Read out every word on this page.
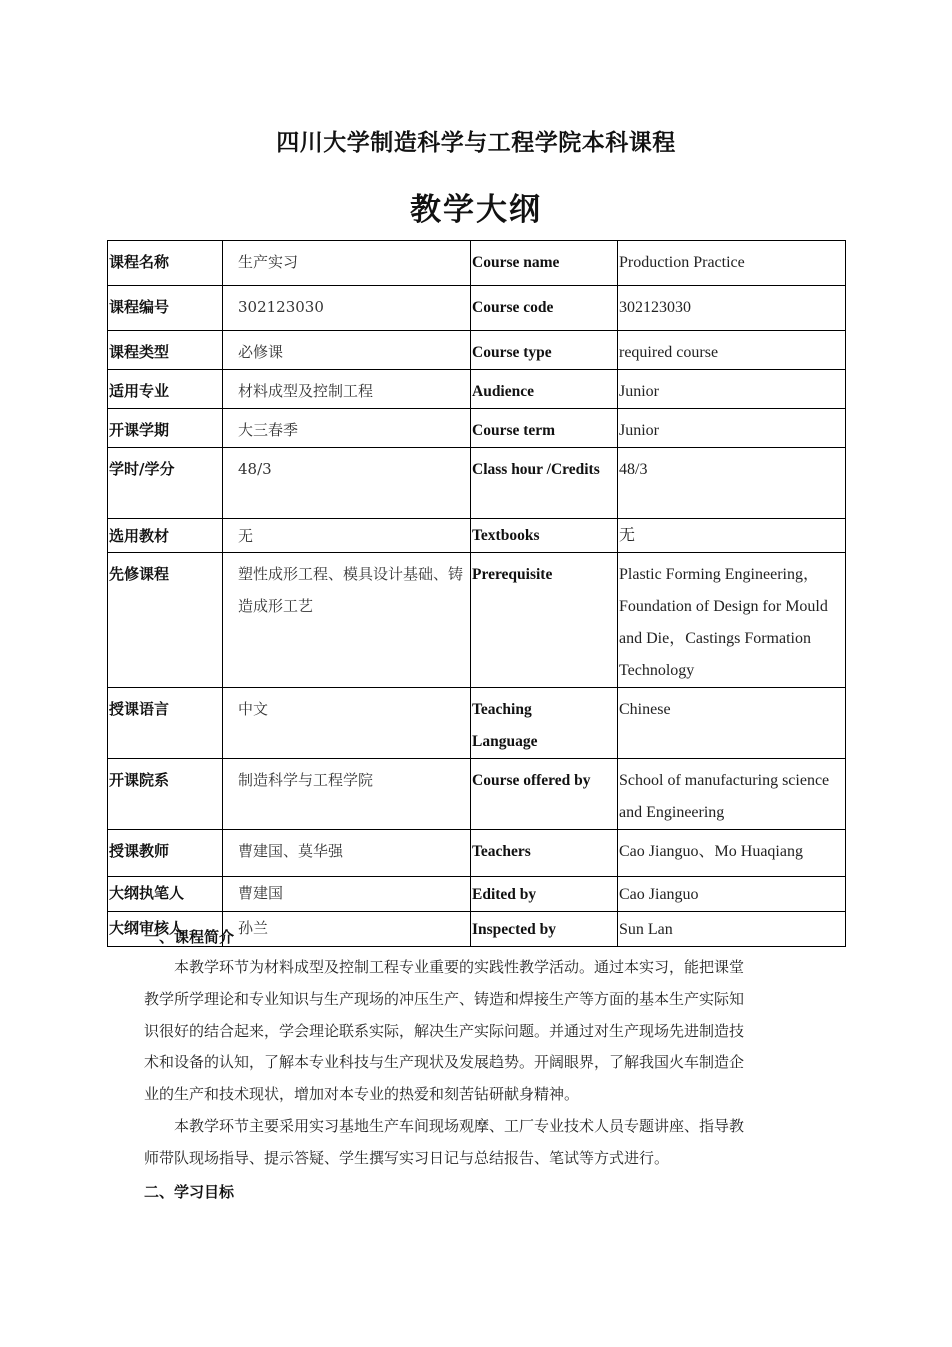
四川大学制造科学与工程学院本科课程
教学大纲
课程名称	生产实习	Course name	Production Practice
课程编号	302123030	Course code	302123030
课程类型	必修课	Course type	required course
适用专业	材料成型及控制工程	Audience	Junior
开课学期	大三春季	Course term	Junior
学时/学分	48/3	Class hour /Credits	48/3
选用教材	无	Textbooks	无
先修课程	塑性成形工程、模具设计基础、铸造成形工艺	Prerequisite	Plastic Forming Engineering，
Foundation of Design for Mould
and Die，Castings Formation
Technology

授课语言	中文	Teaching Language	Chinese
开课院系	制造科学与工程学院	Course offered by	School of manufacturing science
and Engineering

授课教师	曹建国、莫华强	Teachers	Cao Jianguo、Mo Huaqiang
大纲执笔人	曹建国	Edited by	Cao Jianguo
大纲审核人	孙兰	Inspected by	Sun Lan
一、课程简介
　　本教学环节为材料成型及控制工程专业重要的实践性教学活动。通过本实习，能把课堂
教学所学理论和专业知识与生产现场的冲压生产、铸造和焊接生产等方面的基本生产实际知
识很好的结合起来，学会理论联系实际，解决生产实际问题。并通过对生产现场先进制造技
术和设备的认知，了解本专业科技与生产现状及发展趋势。开阔眼界，了解我国火车制造企
业的生产和技术现状，增加对本专业的热爱和刻苦钻研献身精神。
　　本教学环节主要采用实习基地生产车间现场观摩、工厂专业技术人员专题讲座、指导教
师带队现场指导、提示答疑、学生撰写实习日记与总结报告、笔试等方式进行。
二、学习目标
